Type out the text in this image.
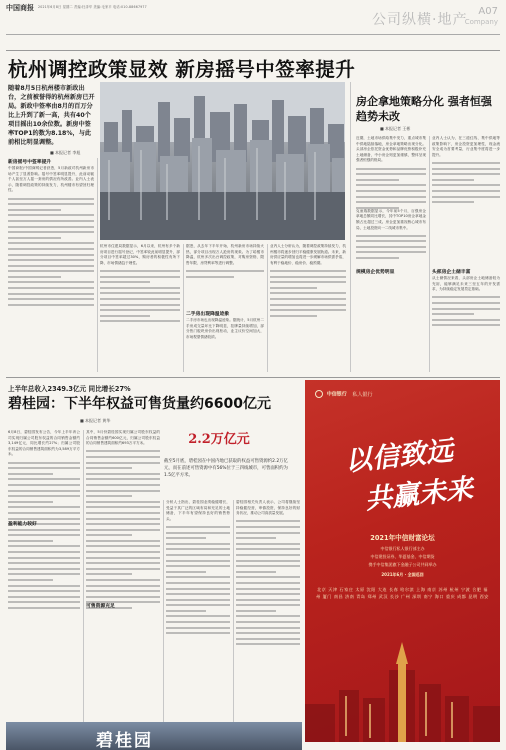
中国商报 2021年6月8日 星期二 责编:杜泽华 美编:毛家平 电话:010-88667977
公司纵横·地产
A07
Company
杭州调控政策显效 新房摇号中签率提升
随着8月5日杭州楼市新政出台，之前被誉得的杭州新房已开局。新政中签率由8月的百万分比上升到了新一高，共有40个项目摇出10余位数。新房中签率TOP1的数为8.18%，与此前相比明显调整。
■ 本报记者 李旭
房企拿地策略分化 强者恒强趋势未改
■ 本报记者 王彬
新房摇号中签率提升
中国商报/中国商网记者获悉，5月新政对杭州新房市场产生了显著影响。摇号中签率明显提升，此前动辄千人甚至万人摇一套房的情况有所改善。业内人士表示，随着调控政策的持续发力，杭州楼市有望回归理性。
杭州市住建局数据显示，6月以来，杭州有多个新房项目进行摇号登记，中签率较此前明显提升，部分项目中签率超过30%，购房者的积极性有所下降，市场情绪趋于理性。
据悉，从去年下半年开始，杭州新房市场持续火热，部分项目出现万人抢房的现象。为了给楼市降温，杭州多次出台调控政策，对购房资格、限售年限、房贷利率等进行调整。
二手房出现降温迹象
二手房市场也出现降温迹象。据统计，5月杭州二手房成交量环比下降明显，挂牌量持续增加，部分热门板块房价出现松动，业主议价空间加大，市场观望情绪较浓。
业内人士分析认为，随着调控政策持续发力，杭州楼市将逐步回归平稳健康发展轨道。未来，新房供应量的增加也将进一步缓解市场供需矛盾，有利于稳地价、稳房价、稳预期。
近期，土地市场供给集中发力，重点城市集中供地陆续落地，房企拿地策略出现分化。头部房企依托资金优势和品牌优势积极补充土地储备，中小房企则更加谨慎，整体呈现强者恒强的格局。
克而瑞数据显示，今年前5个月，百强房企拿地总额同比增长，其中TOP10房企拿地金额占比超过三成。房企更加重视核心城市布局，土地投资向一二线城市集中。
规模房企优势明显
业内人士认为，在三道红线、集中供地等政策影响下，房企投资更加理性，现金流安全成为首要考量，行业集中度将进一步提升。
头部房企土储丰富
从土储情况来看，头部房企土地储备较为充裕，能够满足未来三至五年的开发需求，为持续稳定发展奠定基础。
上半年总收入2349.3亿元 同比增长27%
碧桂园：下半年权益可售货量约6600亿元
■ 本报记者 黄华
2.2万亿元
截至5月底，碧桂园在中国内地已获取的权益可售资源约2.2万亿元，而在前述可售资源中有56%位于三四线城市，可售面积约为1.5亿平方米。
6月8日，碧桂园发布公告，今年上半年该公司实现归属公司股东权益的合同销售金额约3,149亿元，同比增长约27%；归属公司股东权益的合同销售建筑面积约为3,589万平方米。
盈利能力较好
其中，5月份碧桂园实现归属公司股东权益的合同销售金额约600亿元，归属公司股东权益的合同销售建筑面积约693万平方米。
可售资源充足
分析人士指出，碧桂园业绩稳健增长，受益于其广泛的区域布局和充足的土地储备，下半年有望保持良好的销售势头。
碧桂园相关负责人表示，公司将继续坚持稳健经营，审慎投资，保持良好的财务状况，推动公司高质量发展。
碧桂园
中信银行 私人银行
以信致远
共赢未来
2021年中信财富论坛
中信银行私人银行部主办
中信建投证券、华夏基金、中信期货
携手中信集团旗下金融子公司共同举办
2021年6月 · 全国巡回
北京 天津 石家庄 太原 沈阳 大连 长春 哈尔滨 上海 南京 苏州 杭州 宁波 合肥 福州 厦门 南昌 济南 青岛 郑州 武汉 长沙 广州 深圳 南宁 海口 重庆 成都 昆明 西安
